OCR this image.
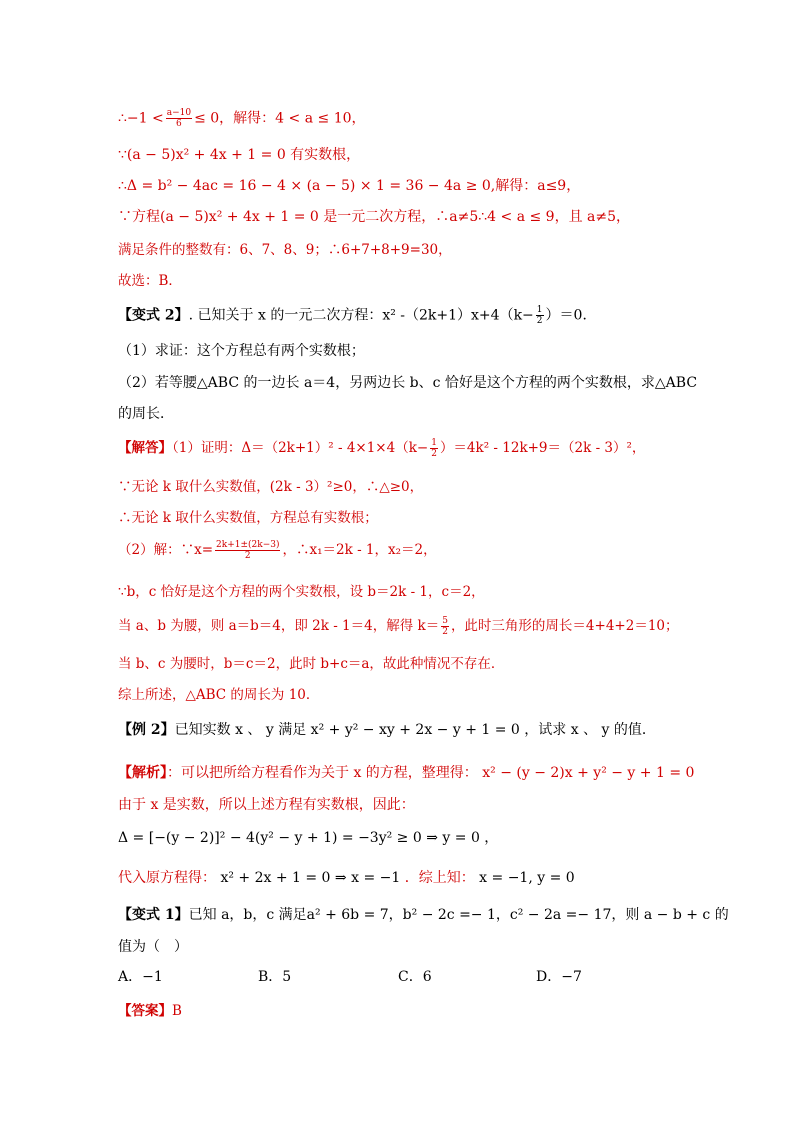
∴−1 < $\frac{a-10}{6} \le 0$，解得：4 < a ≤ 10，
∵(a − 5)x² + 4x + 1 = 0 有实数根，
∴Δ = b² − 4ac = 16 − 4 × (a − 5) × 1 = 36 − 4a ≥ 0,解得：a≤9，
∵方程(a − 5)x² + 4x + 1 = 0 是一元二次方程，∴a≠5∴4 < a ≤ 9，且 a≠5，
满足条件的整数有：6、7、8、9；∴6+7+8+9=30，
故选：B．
【变式 2】. 已知关于 x 的一元二次方程：x² $-(2k+1)x+4(k- \frac{1}{2} )=0$．
（1）求证：这个方程总有两个实数根；
（2）若等腰△ABC 的一边长 a＝4，另两边长 b、c 恰好是这个方程的两个实数根，求△ABC
的周长．
【解答】（1）证明：$\Delta=(2k+1)^2 - 4\times 1\times 4(k- \frac{1}{2} )=4k^2 - 12k+9=(2k - 3)^2$，
∵无论 k 取什么实数值，(2k - 3）²≥0，∴△≥0，
∴无论 k 取什么实数值，方程总有实数根；
（2）解：∵x= $\frac{2k+1\pm(2k-3)}{2}$ ，∴x₁＝2k - 1，x₂＝2，
∵b，c 恰好是这个方程的两个实数根，设 b＝2k - 1，c＝2，
当 a、b 为腰，则 a＝b＝4，即 2k - 1＝4，解得 $k= \frac{5}{2}$ ，此时三角形的周长＝4+4+2＝10；
当 b、c 为腰时，b＝c＝2，此时 b+c＝a，故此种情况不存在．
综上所述，△ABC 的周长为 10．
【例 2】已知实数 x 、 y 满足 x² + y² − xy + 2x − y + 1 = 0 ，试求 x 、 y 的值．
【解析】：可以把所给方程看作为关于 x 的方程，整理得： x² − (y − 2)x + y² − y + 1 = 0
由于 x 是实数，所以上述方程有实数根，因此：
Δ = [−(y − 2)]² − 4(y² − y + 1) = −3y² ≥ 0 ⇒ y = 0 ，
代入原方程得： x² + 2x + 1 = 0 ⇒ x = −1 ．综上知： x = −1, y = 0
【变式 1】已知 a，b，c 满足a² + 6b = 7，b² − 2c =− 1，c² − 2a =− 17，则 a − b + c 的
值为（　）
A．−1	B．5	C．6	D．−7
【答案】B
